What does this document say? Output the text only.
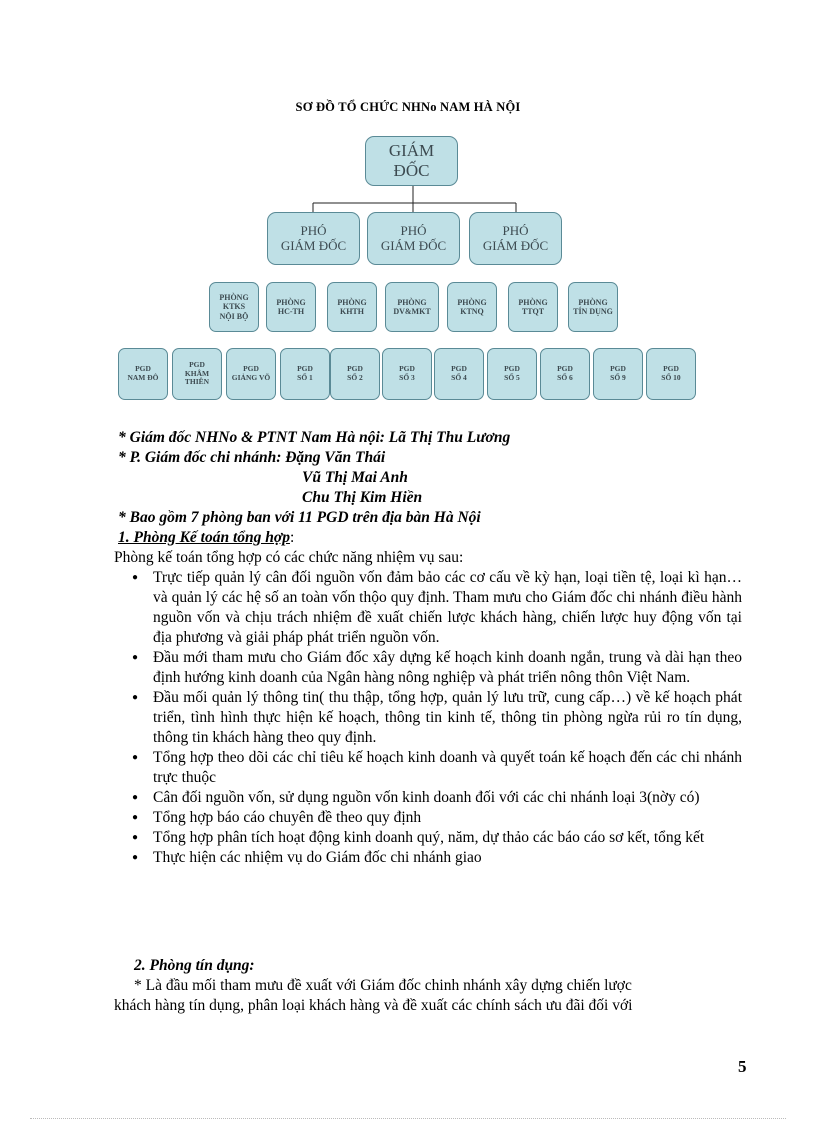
SƠ ĐỒ TỔ CHỨC NHNo NAM HÀ NỘI
GIÁM
ĐỐC
PHÓ
GIÁM ĐỐC
PHÓ
GIÁM ĐỐC
PHÓ
GIÁM ĐỐC
PHÒNG
KTKS
NỘI BỘ
PHÒNG
HC-TH
PHÒNG
KHTH
PHÒNG
DV&MKT
PHÒNG
KTNQ
PHÒNG
TTQT
PHÒNG
TÍN DỤNG
PGD
NAM ĐÔ
PGD
KHÂM
THIÊN
PGD
GIẢNG VÕ
PGD
SỐ 1
PGD
SỐ 2
PGD
SỐ 3
PGD
SỐ 4
PGD
SỐ 5
PGD
SỐ 6
PGD
SỐ 9
PGD
SỐ 10
* Giám đốc NHNo & PTNT Nam Hà nội: Lã Thị Thu Lương
* P. Giám đốc chi nhánh: Đặng Văn Thái
Vũ Thị Mai Anh
Chu Thị Kim Hiền
* Bao gồm 7 phòng ban với 11 PGD trên địa bàn Hà Nội
1. Phòng Kế toán tổng hợp:
Phòng kế toán tổng hợp có các chức năng nhiệm vụ sau:
● Trực tiếp quản lý cân đối nguồn vốn đảm bảo các cơ cấu về kỳ hạn, loại tiền tệ, loại kì hạn…và quản lý các hệ số an toàn vốn thộo quy định. Tham mưu cho Giám đốc chi nhánh điều hành nguồn vốn và chịu trách nhiệm đề xuất chiến lược khách hàng, chiến lược huy động vốn tại địa phương và giải pháp phát triển nguồn vốn.
● Đầu mới tham mưu cho Giám đốc xây dựng kế hoạch kinh doanh ngắn, trung và dài hạn theo định hướng kinh doanh của Ngân hàng nông nghiệp và phát triển nông thôn Việt Nam.
● Đầu mối quản lý thông tin( thu thập, tổng hợp, quản lý lưu trữ, cung cấp…) về kế hoạch phát triển, tình hình thực hiện kế hoạch, thông tin kinh tế, thông tin phòng ngừa rủi ro tín dụng, thông tin khách hàng theo quy định.
● Tổng hợp theo dõi các chỉ tiêu kế hoạch kinh doanh và quyết toán kế hoạch đến các chi nhánh trực thuộc
● Cân đối nguồn vốn, sử dụng nguồn vốn kinh doanh đối với các chi nhánh loại 3(nờy có)
● Tổng hợp báo cáo chuyên đề theo quy định
● Tổng hợp phân tích hoạt động kinh doanh quý, năm, dự thảo các báo cáo sơ kết, tổng kết
● Thực hiện các nhiệm vụ do Giám đốc chi nhánh giao
2. Phòng tín dụng:
* Là đầu mối tham mưu đề xuất với Giám đốc chinh nhánh xây dựng chiến lược
khách hàng tín dụng, phân loại khách hàng và đề xuất các chính sách ưu đãi đối với
5
